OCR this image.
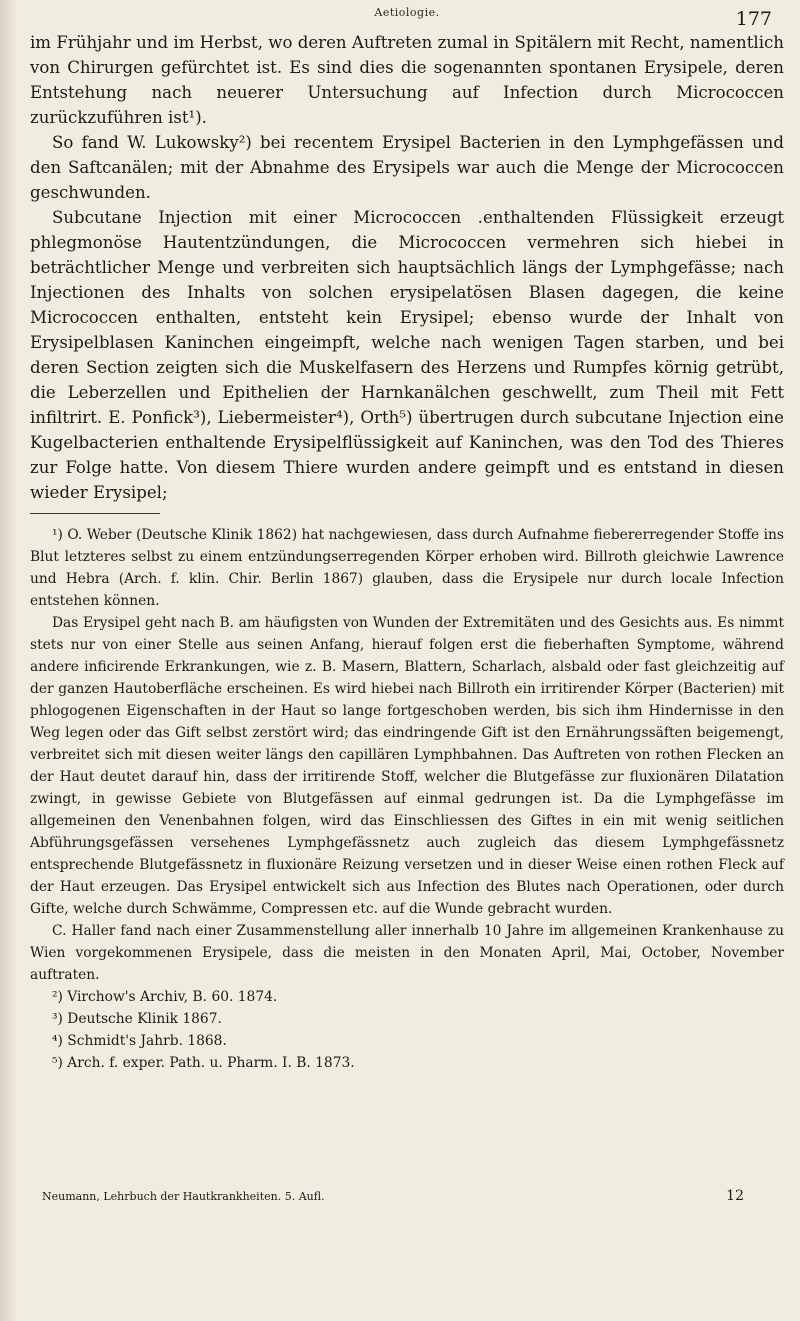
Aetiologie.	177

im Frühjahr und im Herbst, wo deren Auftreten zumal in Spitälern mit Recht, namentlich von Chirurgen gefürchtet ist. Es sind dies die sogenannten spontanen Erysipele, deren Entstehung nach neuerer Untersuchung auf Infection durch Micrococcen zurückzuführen ist¹).

So fand W. Lukowsky²) bei recentem Erysipel Bacterien in den Lymphgefässen und den Saftcanälen; mit der Abnahme des Erysipels war auch die Menge der Micrococcen geschwunden.

Subcutane Injection mit einer Micrococcen .enthaltenden Flüssigkeit erzeugt phlegmonöse Hautentzündungen, die Micrococcen vermehren sich hiebei in beträchtlicher Menge und verbreiten sich hauptsächlich längs der Lymphgefässe; nach Injectionen des Inhalts von solchen erysipelatösen Blasen dagegen, die keine Micrococcen enthalten, entsteht kein Erysipel; ebenso wurde der Inhalt von Erysipelblasen Kaninchen eingeimpft, welche nach wenigen Tagen starben, und bei deren Section zeigten sich die Muskelfasern des Herzens und Rumpfes körnig getrübt, die Leberzellen und Epithelien der Harnkanälchen geschwellt, zum Theil mit Fett infiltrirt. E. Ponfick³), Liebermeister⁴), Orth⁵) übertrugen durch subcutane Injection eine Kugelbacterien enthaltende Erysipelflüssigkeit auf Kaninchen, was den Tod des Thieres zur Folge hatte. Von diesem Thiere wurden andere geimpft und es entstand in diesen wieder Erysipel;

¹) O. Weber (Deutsche Klinik 1862) hat nachgewiesen, dass durch Aufnahme fiebererregender Stoffe ins Blut letzteres selbst zu einem entzündungserregenden Körper erhoben wird. Billroth gleichwie Lawrence und Hebra (Arch. f. klin. Chir. Berlin 1867) glauben, dass die Erysipele nur durch locale Infection entstehen können.

Das Erysipel geht nach B. am häufigsten von Wunden der Extremitäten und des Gesichts aus. Es nimmt stets nur von einer Stelle aus seinen Anfang, hierauf folgen erst die fieberhaften Symptome, während andere inficirende Erkrankungen, wie z. B. Masern, Blattern, Scharlach, alsbald oder fast gleichzeitig auf der ganzen Hautoberfläche erscheinen. Es wird hiebei nach Billroth ein irritirender Körper (Bacterien) mit phlogogenen Eigenschaften in der Haut so lange fortgeschoben werden, bis sich ihm Hindernisse in den Weg legen oder das Gift selbst zerstört wird; das eindringende Gift ist den Ernährungssäften beigemengt, verbreitet sich mit diesen weiter längs den capillären Lymphbahnen. Das Auftreten von rothen Flecken an der Haut deutet darauf hin, dass der irritirende Stoff, welcher die Blutgefässe zur fluxionären Dilatation zwingt, in gewisse Gebiete von Blutgefässen auf einmal gedrungen ist. Da die Lymphgefässe im allgemeinen den Venenbahnen folgen, wird das Einschliessen des Giftes in ein mit wenig seitlichen Abführungsgefässen versehenes Lymphgefässnetz auch zugleich das diesem Lymphgefässnetz entsprechende Blutgefässnetz in fluxionäre Reizung versetzen und in dieser Weise einen rothen Fleck auf der Haut erzeugen. Das Erysipel entwickelt sich aus Infection des Blutes nach Operationen, oder durch Gifte, welche durch Schwämme, Compressen etc. auf die Wunde gebracht wurden.

C. Haller fand nach einer Zusammenstellung aller innerhalb 10 Jahre im allgemeinen Krankenhause zu Wien vorgekommenen Erysipele, dass die meisten in den Monaten April, Mai, October, November auftraten.

²) Virchow's Archiv, B. 60. 1874.

³) Deutsche Klinik 1867.

⁴) Schmidt's Jahrb. 1868.

⁵) Arch. f. exper. Path. u. Pharm. I. B. 1873.

Neumann, Lehrbuch der Hautkrankheiten. 5. Aufl.	12
